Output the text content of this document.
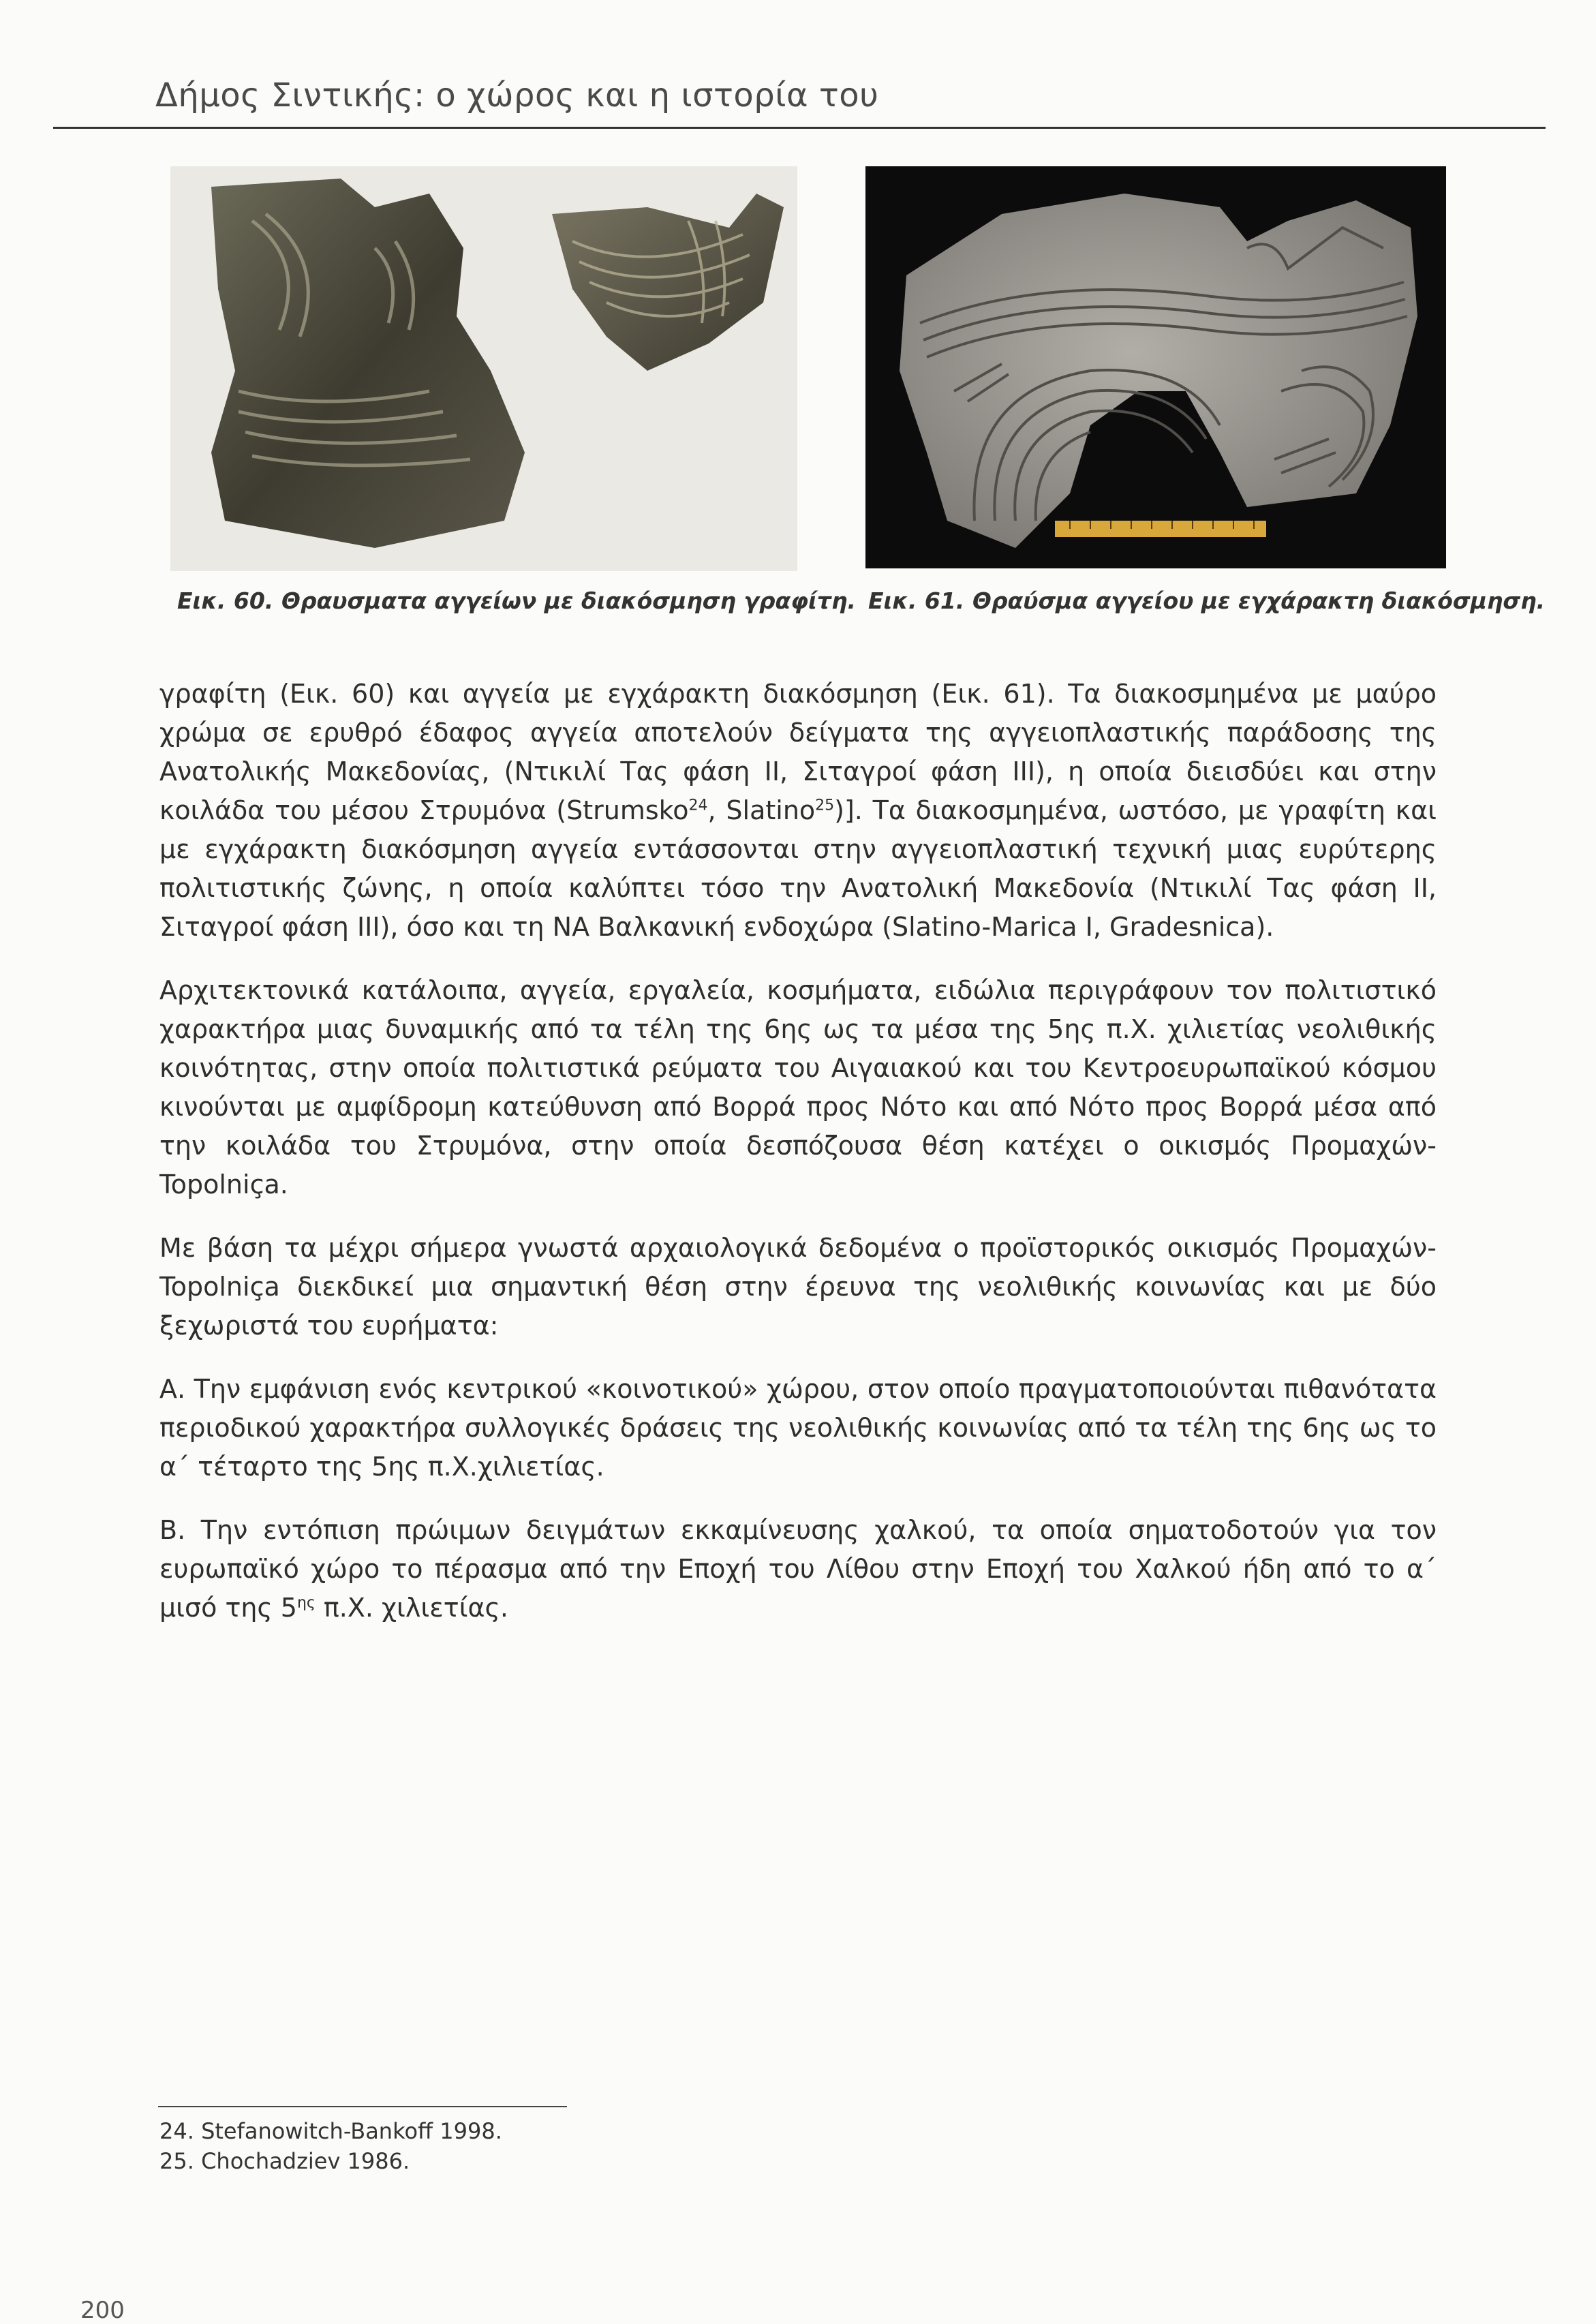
Δήμος Σιντικής: ο χώρος και η ιστορία του
Εικ. 60. Θραυσματα αγγείων με διακόσμηση γραφίτη. Εικ. 61. Θραύσμα αγγείου με εγχάρακτη διακόσμηση.

γραφίτη (Εικ. 60) και αγγεία με εγχάρακτη διακόσμηση (Εικ. 61). Τα διακοσμημένα με μαύρο χρώμα σε ερυθρό έδαφος αγγεία αποτελούν δείγματα της αγγειοπλαστικής παράδοσης της Ανατολικής Μακεδονίας, (Ντικιλί Τας φάση ΙΙ, Σιταγροί φάση ΙΙΙ), η οποία διεισδύει και στην κοιλάδα του μέσου Στρυμόνα (Strumsko$^{24}$, Slatino$^{25}$)]. Τα διακοσμημένα, ωστόσο, με γραφίτη και με εγχάρακτη διακόσμηση αγγεία εντάσσονται στην αγγειοπλαστική τεχνική μιας ευρύτερης πολιτιστικής ζώνης, η οποία καλύπτει τόσο την Ανατολική Μακεδονία (Ντικιλί Τας φάση ΙΙ, Σιταγροί φάση ΙΙΙ), όσο και τη ΝΑ Βαλκανική ενδοχώρα (Slatino-Marica I, Gradesnica).

Αρχιτεκτονικά κατάλοιπα, αγγεία, εργαλεία, κοσμήματα, ειδώλια περιγράφουν τον πολιτιστικό χαρακτήρα μιας δυναμικής από τα τέλη της 6ης ως τα μέσα της 5ης π.Χ. χιλιετίας νεολιθικής κοινότητας, στην οποία πολιτιστικά ρεύματα του Αιγαιακού και του Κεντροευρωπαϊκού κόσμου κινούνται με αμφίδρομη κατεύθυνση από Βορρά προς Νότο και από Νότο προς Βορρά μέσα από την κοιλάδα του Στρυμόνα, στην οποία δεσπόζουσα θέση κατέχει ο οικισμός Προμαχών-Topolniça.

Με βάση τα μέχρι σήμερα γνωστά αρχαιολογικά δεδομένα ο προϊστορικός οικισμός Προμαχών-Topolniça διεκδικεί μια σημαντική θέση στην έρευνα της νεολιθικής κοινωνίας και με δύο ξεχωριστά του ευρήματα:

Α. Την εμφάνιση ενός κεντρικού «κοινοτικού» χώρου, στον οποίο πραγματοποιούνται πιθανότατα περιοδικού χαρακτήρα συλλογικές δράσεις της νεολιθικής κοινωνίας από τα τέλη της 6ης ως το α΄ τέταρτο της 5ης π.Χ.χιλιετίας.

Β. Την εντόπιση πρώιμων δειγμάτων εκκαμίνευσης χαλκού, τα οποία σηματοδοτούν για τον ευρωπαϊκό χώρο το πέρασμα από την Εποχή του Λίθου στην Εποχή του Χαλκού ήδη από το α΄ μισό της $5^{\eta\varsigma}$ π.Χ. χιλιετίας.

24. Stefanowitch-Bankoff 1998.
25. Chochadziev 1986.
200
